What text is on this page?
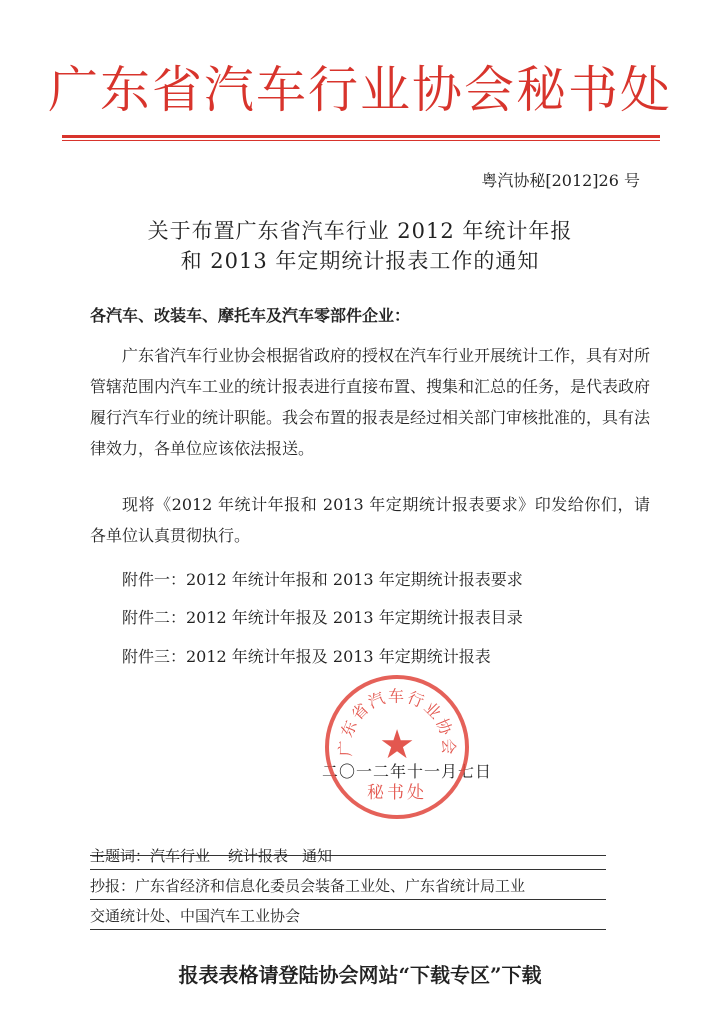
广东省汽车行业协会秘书处
粤汽协秘[2012]26 号
关于布置广东省汽车行业 2012 年统计年报
和 2013 年定期统计报表工作的通知
各汽车、改装车、摩托车及汽车零部件企业：
广东省汽车行业协会根据省政府的授权在汽车行业开展统计工作，具有对所管辖范围内汽车工业的统计报表进行直接布置、搜集和汇总的任务，是代表政府履行汽车行业的统计职能。我会布置的报表是经过相关部门审核批准的，具有法律效力，各单位应该依法报送。
现将《2012 年统计年报和 2013 年定期统计报表要求》印发给你们，请各单位认真贯彻执行。
附件一：2012 年统计年报和 2013 年定期统计报表要求
附件二：2012 年统计年报及 2013 年定期统计报表目录
附件三：2012 年统计年报及 2013 年定期统计报表
二〇一二年十一月七日
广东省汽车行业协会
★
秘书处
主题词：汽车行业 统计报表 通知
抄报：广东省经济和信息化委员会装备工业处、广东省统计局工业
交通统计处、中国汽车工业协会
报表表格请登陆协会网站“下载专区”下载
